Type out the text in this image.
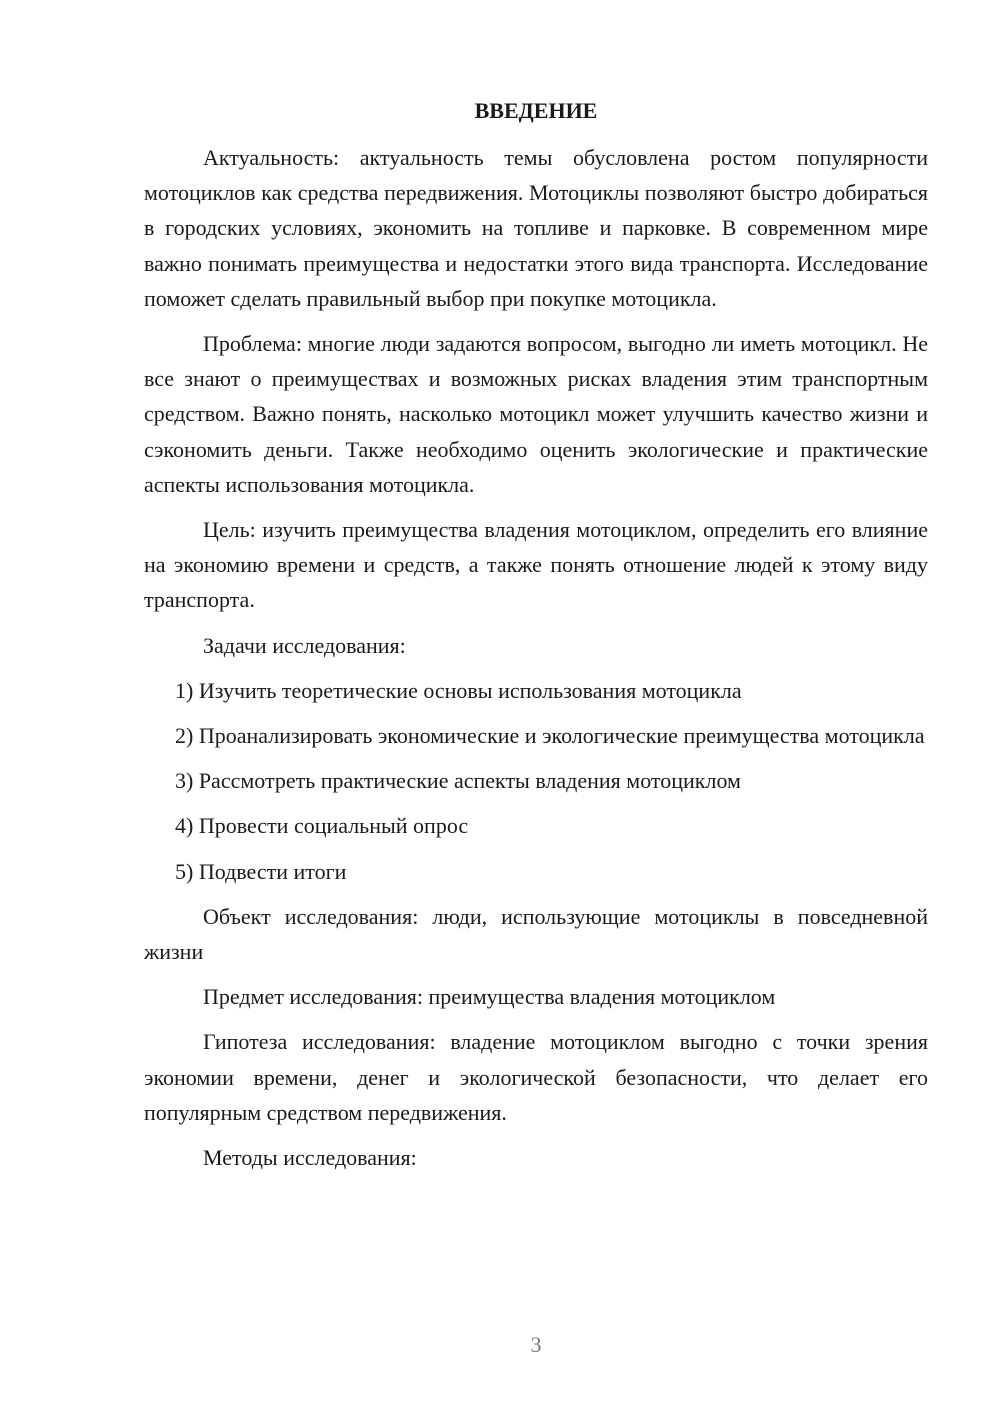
ВВЕДЕНИЕ

Актуальность: актуальность темы обусловлена ростом популярности мотоциклов как средства передвижения. Мотоциклы позволяют быстро добираться в городских условиях, экономить на топливе и парковке. В современном мире важно понимать преимущества и недостатки этого вида транспорта. Исследование поможет сделать правильный выбор при покупке мотоцикла.

Проблема: многие люди задаются вопросом, выгодно ли иметь мотоцикл. Не все знают о преимуществах и возможных рисках владения этим транспортным средством. Важно понять, насколько мотоцикл может улучшить качество жизни и сэкономить деньги. Также необходимо оценить экологические и практические аспекты использования мотоцикла.

Цель: изучить преимущества владения мотоциклом, определить его влияние на экономию времени и средств, а также понять отношение людей к этому виду транспорта.

Задачи исследования:

1) Изучить теоретические основы использования мотоцикла

2) Проанализировать экономические и экологические преимущества мотоцикла

3) Рассмотреть практические аспекты владения мотоциклом

4) Провести социальный опрос

5) Подвести итоги

Объект исследования: люди, использующие мотоциклы в повседневной жизни

Предмет исследования: преимущества владения мотоциклом

Гипотеза исследования: владение мотоциклом выгодно с точки зрения экономии времени, денег и экологической безопасности, что делает его популярным средством передвижения.

Методы исследования:

3
